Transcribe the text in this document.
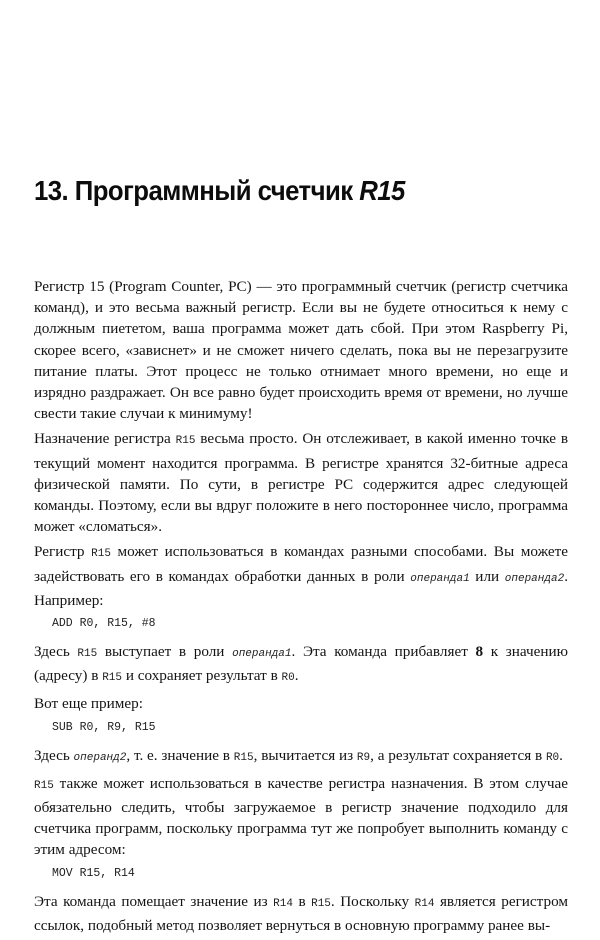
13. Программный счетчик R15

Регистр 15 (Program Counter, PC) — это программный счетчик (регистр счетчика команд), и это весьма важный регистр. Если вы не будете относиться к нему с должным пиететом, ваша программа может дать сбой. При этом Raspberry Pi, скорее всего, «зависнет» и не сможет ничего сделать, пока вы не перезагрузите питание платы. Этот процесс не только отнимает много времени, но еще и изрядно раздражает. Он все равно будет происходить время от времени, но лучше свести такие случаи к минимуму!

Назначение регистра R15 весьма просто. Он отслеживает, в какой именно точке в текущий момент находится программа. В регистре хранятся 32-битные адреса физической памяти. По сути, в регистре PC содержится адрес следующей команды. Поэтому, если вы вдруг положите в него постороннее число, программа может «сломаться».

Регистр R15 может использоваться в командах разными способами. Вы можете задействовать его в командах обработки данных в роли операнда1 или операнда2. Например:

ADD R0, R15, #8

Здесь R15 выступает в роли операнда1. Эта команда прибавляет 8 к значению (адресу) в R15 и сохраняет результат в R0.

Вот еще пример:

SUB R0, R9, R15

Здесь операнд2, т. е. значение в R15, вычитается из R9, а результат сохраняется в R0.

R15 также может использоваться в качестве регистра назначения. В этом случае обязательно следить, чтобы загружаемое в регистр значение подходило для счетчика программ, поскольку программа тут же попробует выполнить команду с этим адресом:

MOV R15, R14

Эта команда помещает значение из R14 в R15. Поскольку R14 является регистром ссылок, подобный метод позволяет вернуться в основную программу ранее вы-
